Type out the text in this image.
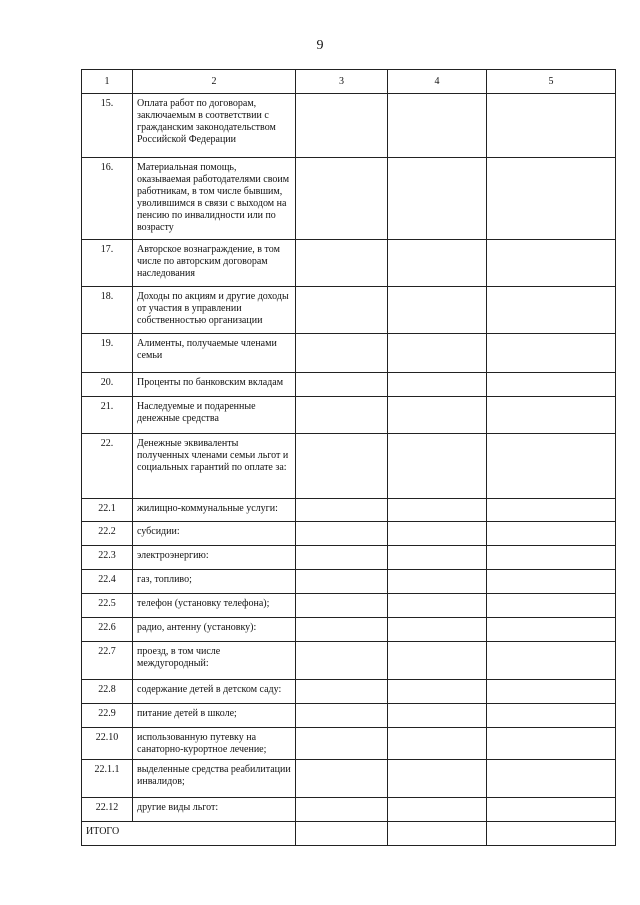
9
1	2	3	4	5
15.	Оплата работ по договорам, заключаемым в соответствии с гражданским законодательством Российской Федерации			
16.	Материальная помощь, оказываемая работодателями своим работникам, в том числе бывшим, уволившимся в связи с выходом на пенсию по инвалидности или по возрасту			
17.	Авторское вознаграждение, в том числе по авторским договорам наследования			
18.	Доходы по акциям и другие доходы от участия в управлении собственностью организации			
19.	Алименты, получаемые членами семьи			
20.	Проценты по банковским вкладам			
21.	Наследуемые и подаренные денежные средства			
22.	Денежные эквиваленты полученных членами семьи льгот и социальных гарантий по оплате за:			
22.1	жилищно-коммунальные услуги:			
22.2	субсидии:			
22.3	электроэнергию:			
22.4	газ, топливо;			
22.5	телефон (установку телефона);			
22.6	радио, антенну (установку):			
22.7	проезд, в том числе междугородный:			
22.8	содержание детей в детском саду:			
22.9	питание детей в школе;			
22.10	использованную путевку на санаторно-курортное лечение;			
22.1.1	выделенные средства реабилитации инвалидов;			
22.12	другие виды льгот:			
ИТОГО				
